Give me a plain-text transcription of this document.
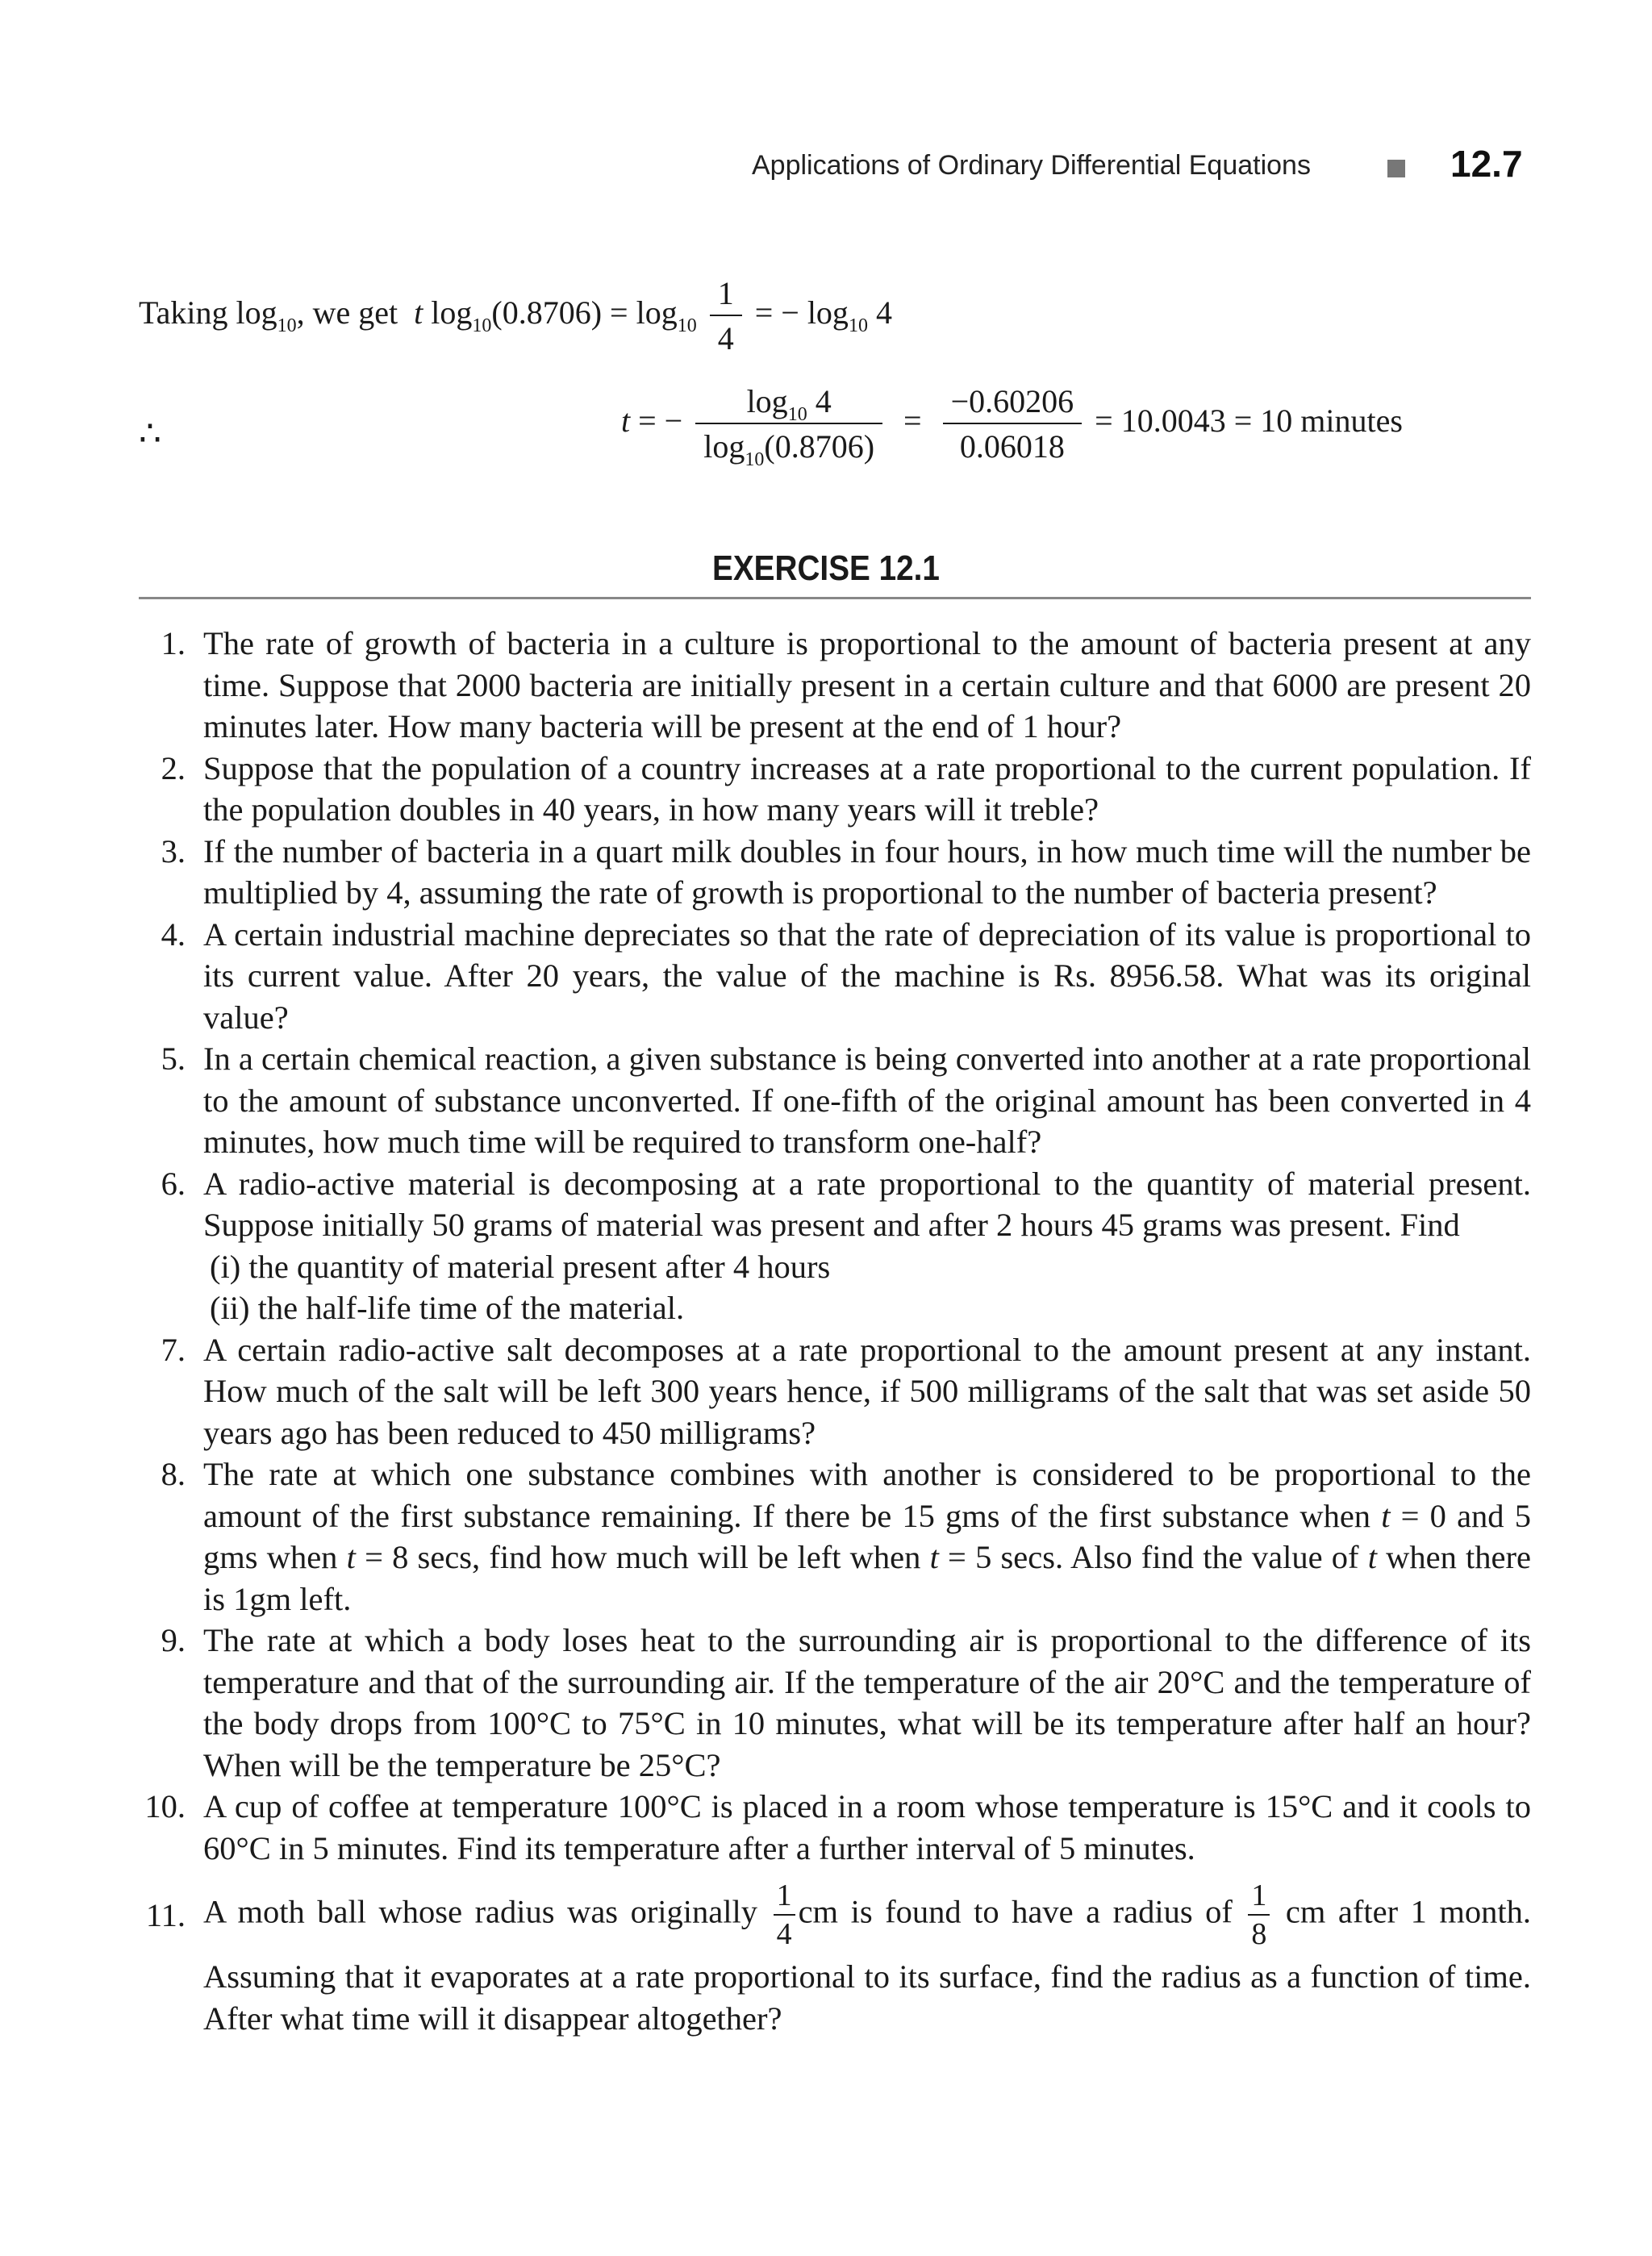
Applications of Ordinary Differential Equations	12.7
Taking $\log_{10}$, we get t $\log_{10}(0.8706) = \log_{10} \frac{1}{4}$ = − $\log_{10} 4$
∴	t = − $\frac{\log_{10} 4}{\log_{10}(0.8706)} = \frac{-0.60206}{0.06018} = 10.0043 = 10$ minutes
EXERCISE 12.1
1. The rate of growth of bacteria in a culture is proportional to the amount of bacteria present at any time. Suppose that 2000 bacteria are initially present in a certain culture and that 6000 are present 20 minutes later. How many bacteria will be present at the end of 1 hour?
2. Suppose that the population of a country increases at a rate proportional to the current population. If the population doubles in 40 years, in how many years will it treble?
3. If the number of bacteria in a quart milk doubles in four hours, in how much time will the number be multiplied by 4, assuming the rate of growth is proportional to the number of bacteria present?
4. A certain industrial machine depreciates so that the rate of depreciation of its value is proportional to its current value. After 20 years, the value of the machine is Rs. 8956.58. What was its original value?
5. In a certain chemical reaction, a given substance is being converted into another at a rate proportional to the amount of substance unconverted. If one-fifth of the original amount has been converted in 4 minutes, how much time will be required to transform one-half?
6. A radio-active material is decomposing at a rate proportional to the quantity of material present. Suppose initially 50 grams of material was present and after 2 hours 45 grams was present. Find
(i) the quantity of material present after 4 hours
(ii) the half-life time of the material.
7. A certain radio-active salt decomposes at a rate proportional to the amount present at any instant. How much of the salt will be left 300 years hence, if 500 milligrams of the salt that was set aside 50 years ago has been reduced to 450 milligrams?
8. The rate at which one substance combines with another is considered to be proportional to the amount of the first substance remaining. If there be 15 gms of the first substance when t = 0 and 5 gms when t = 8 secs, find how much will be left when t = 5 secs. Also find the value of t when there is 1gm left.
9. The rate at which a body loses heat to the surrounding air is proportional to the difference of its temperature and that of the surrounding air. If the temperature of the air 20°C and the temperature of the body drops from 100°C to 75°C in 10 minutes, what will be its temperature after half an hour? When will be the temperature be 25°C?
10. A cup of coffee at temperature 100°C is placed in a room whose temperature is 15°C and it cools to 60°C in 5 minutes. Find its temperature after a further interval of 5 minutes.
11. A moth ball whose radius was originally $\frac{1}{4}$ cm is found to have a radius of $\frac{1}{8}$ cm after 1 month.
Assuming that it evaporates at a rate proportional to its surface, find the radius as a function of time. After what time will it disappear altogether?
